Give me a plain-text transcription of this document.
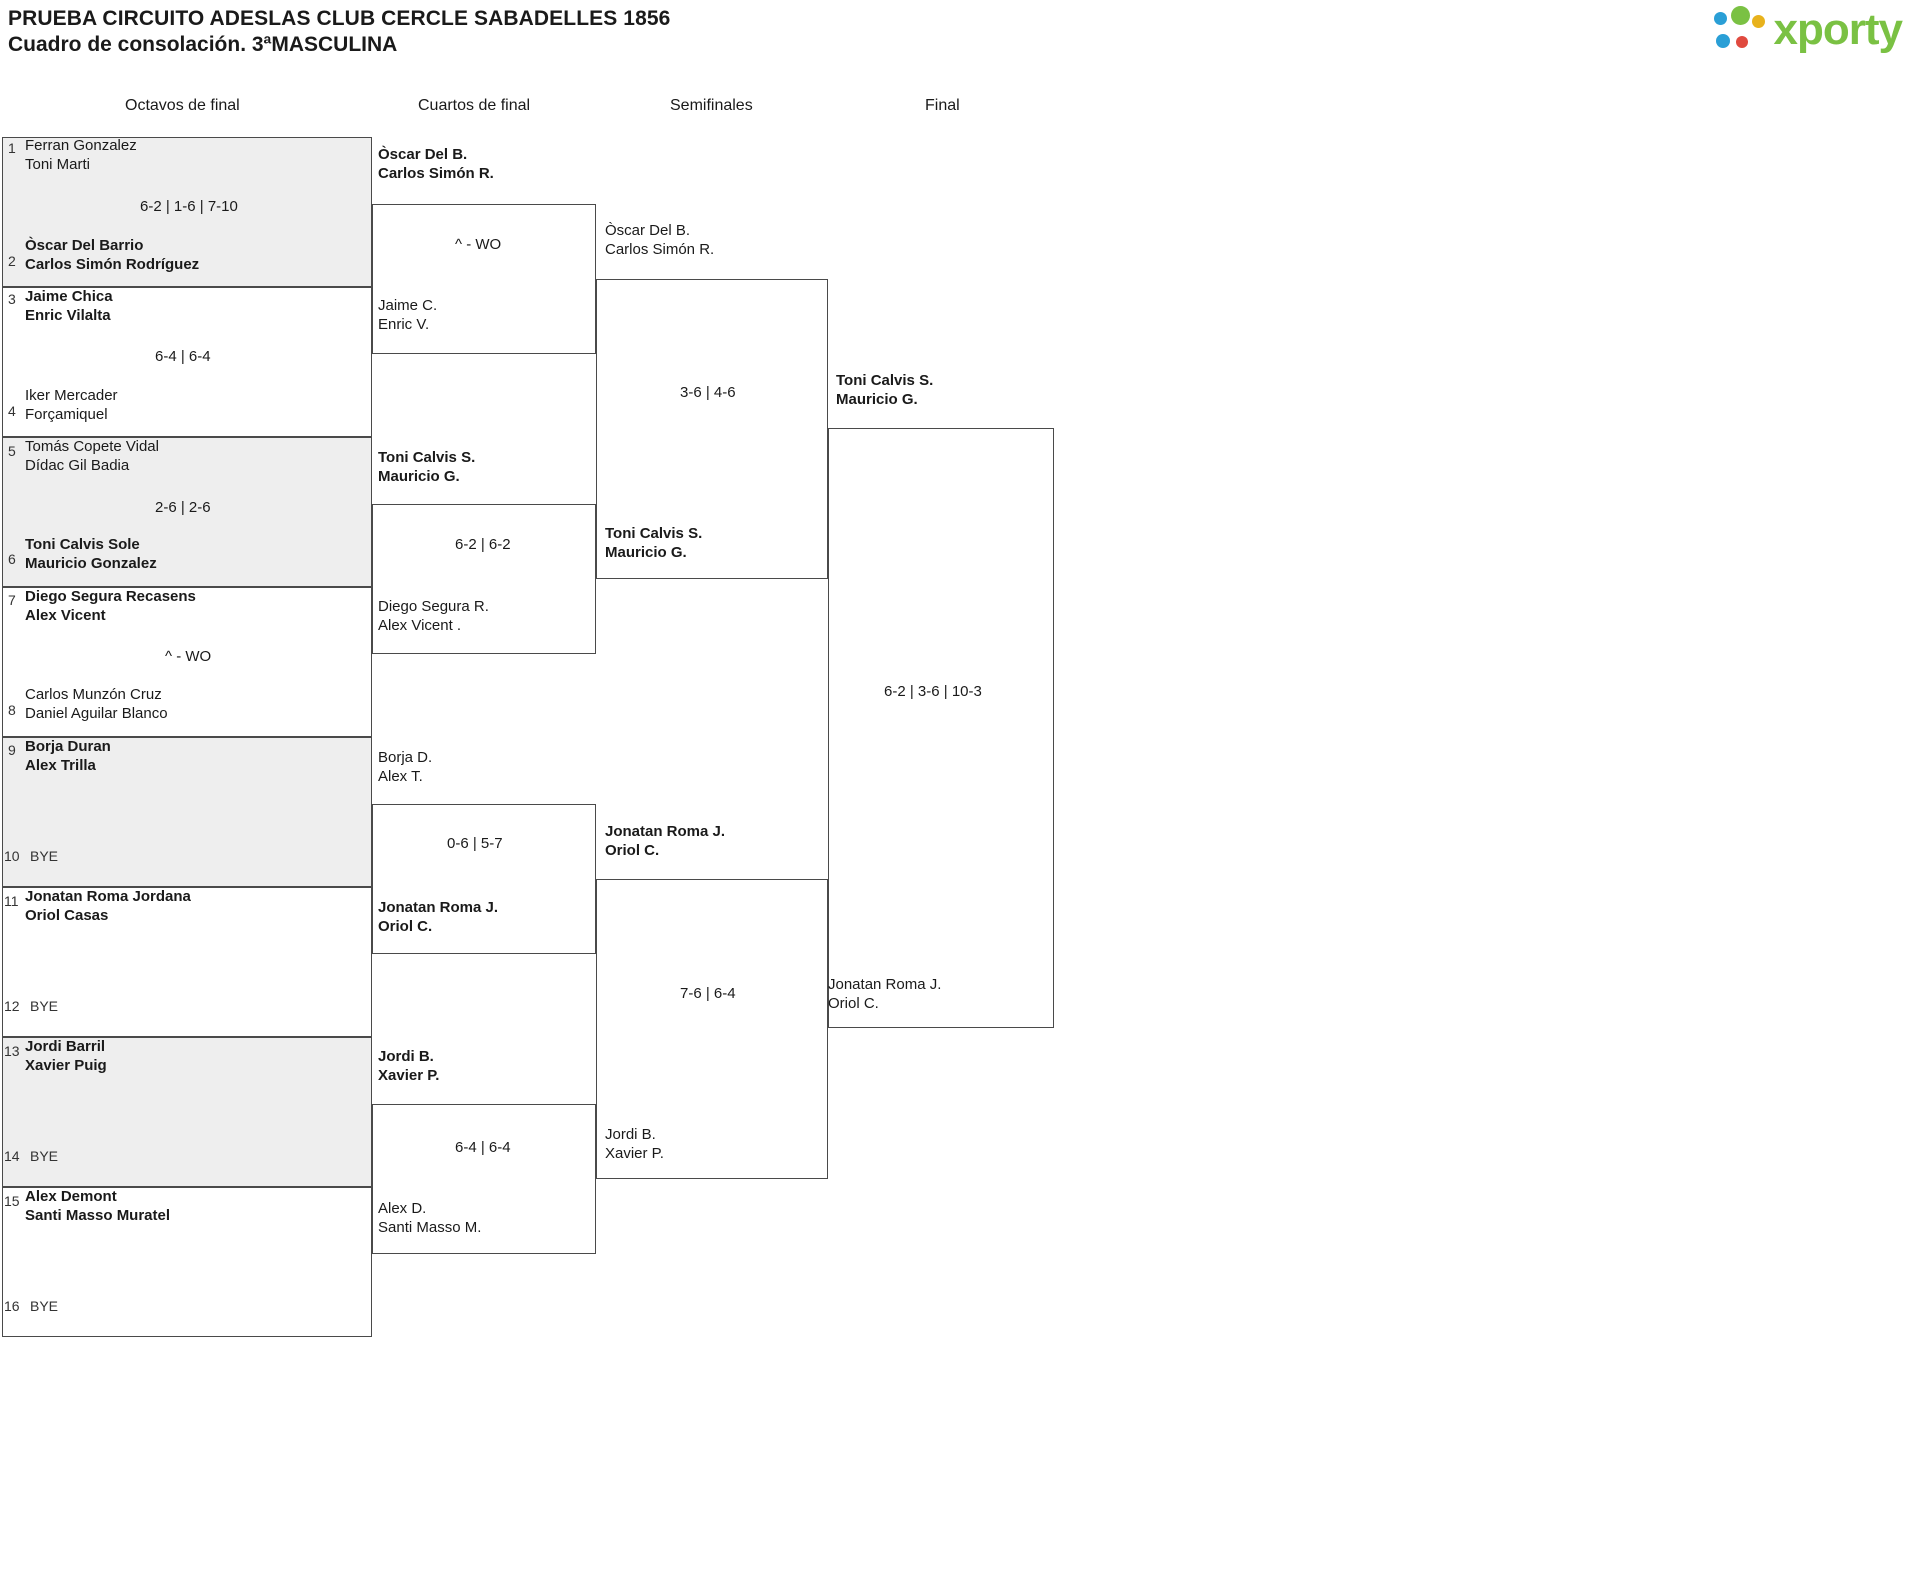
PRUEBA CIRCUITO ADESLAS CLUB CERCLE SABADELLES 1856
Cuadro de consolación. 3ªMASCULINA	xporty
Octavos de final	Cuartos de final	Semifinales	Final
1 Ferran Gonzalez
Toni Marti
6-2 | 1-6 | 7-10
2
Òscar Del Barrio
Carlos Simón Rodríguez
3 Jaime Chica
Enric Vilalta
6-4 | 6-4
4
Iker Mercader
Forçamiquel
5 Tomás Copete Vidal
Dídac Gil Badia
2-6 | 2-6
6
Toni Calvis Sole
Mauricio Gonzalez
7 Diego Segura Recasens
Alex Vicent
^ - WO
8
Carlos Munzón Cruz
Daniel Aguilar Blanco
9 Borja Duran
Alex Trilla
10 BYE
11 Jonatan Roma Jordana
Oriol Casas
12 BYE
13 Jordi Barril
Xavier Puig
14 BYE
15 Alex Demont
Santi Masso Muratel
16 BYE
Òscar Del B.
Carlos Simón R.
^ - WO
Jaime C.
Enric V.
Toni Calvis S.
Mauricio G.
6-2 | 6-2
Diego Segura R.
Alex Vicent .
Borja D.
Alex T.
0-6 | 5-7
Jonatan Roma J.
Oriol C.
Jordi B.
Xavier P.
6-4 | 6-4
Alex D.
Santi Masso M.
Òscar Del B.
Carlos Simón R.
3-6 | 4-6
Toni Calvis S.
Mauricio G.
Jonatan Roma J.
Oriol C.
7-6 | 6-4
Jordi B.
Xavier P.
Toni Calvis S.
Mauricio G.
6-2 | 3-6 | 10-3
Jonatan Roma J.
Oriol C.
